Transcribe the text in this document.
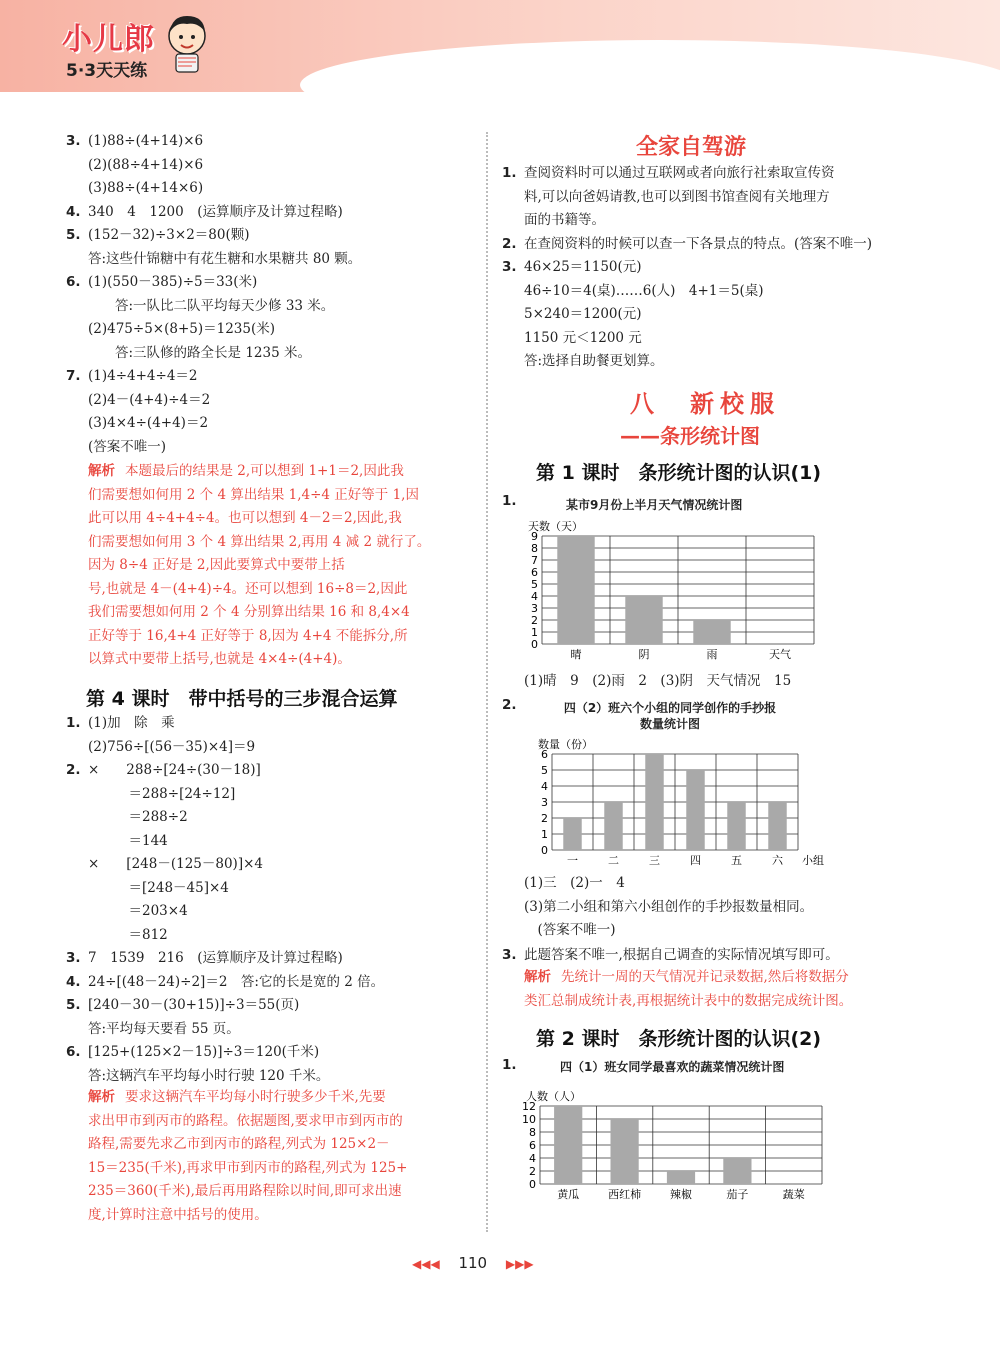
小儿郎
5·3天天练
3. (1)88÷(4+14)×6
(2)(88÷4+14)×6
(3)88÷(4+14×6)
4. 340　4　1200　(运算顺序及计算过程略)
5. (152－32)÷3×2＝80(颗)
答:这些什锦糖中有花生糖和水果糖共 80 颗。
6. (1)(550－385)÷5＝33(米)
　　答:一队比二队平均每天少修 33 米。
(2)475÷5×(8+5)＝1235(米)
　　答:三队修的路全长是 1235 米。
7. (1)4÷4+4÷4＝2
(2)4－(4+4)÷4＝2
(3)4×4÷(4+4)＝2
(答案不唯一)
解析 本题最后的结果是 2,可以想到 1+1＝2,因此我
们需要想如何用 2 个 4 算出结果 1,4÷4 正好等于 1,因
此可以用 4÷4+4÷4。也可以想到 4－2＝2,因此,我
们需要想如何用 3 个 4 算出结果 2,再用 4 减 2 就行了。
因为 8÷4 正好是 2,因此要算式中要带上括
号,也就是 4－(4+4)÷4。还可以想到 16÷8＝2,因此
我们需要想如何用 2 个 4 分别算出结果 16 和 8,4×4
正好等于 16,4+4 正好等于 8,因为 4+4 不能拆分,所
以算式中要带上括号,也就是 4×4÷(4+4)。
第 4 课时　带中括号的三步混合运算
1. (1)加　除　乘
(2)756÷[(56－35)×4]＝9
2. ×　　288÷[24÷(30－18)]
　　　＝288÷[24÷12]
　　　＝288÷2
　　　＝144
×　　[248－(125－80)]×4
　　　＝[248－45]×4
　　　＝203×4
　　　＝812
3. 7　1539　216　(运算顺序及计算过程略)
4. 24÷[(48－24)÷2]＝2　答:它的长是宽的 2 倍。
5. [240－30－(30+15)]÷3＝55(页)
答:平均每天要看 55 页。
6. [125+(125×2－15)]÷3＝120(千米)
答:这辆汽车平均每小时行驶 120 千米。
解析 要求这辆汽车平均每小时行驶多少千米,先要
求出甲市到丙市的路程。依据题图,要求甲市到丙市的
路程,需要先求乙市到丙市的路程,列式为 125×2－
15＝235(千米),再求甲市到丙市的路程,列式为 125+
235＝360(千米),最后再用路程除以时间,即可求出速
度,计算时注意中括号的使用。
全家自驾游
1. 查阅资料时可以通过互联网或者向旅行社索取宣传资
料,可以向爸妈请教,也可以到图书馆查阅有关地理方
面的书籍等。
2. 在查阅资料的时候可以查一下各景点的特点。(答案不唯一)
3. 46×25＝1150(元)
46÷10＝4(桌)……6(人)　4+1＝5(桌)
5×240＝1200(元)
1150 元＜1200 元
答:选择自助餐更划算。
八　新校服
——条形统计图
第 1 课时　条形统计图的认识(1)
1.	某市9月份上半月天气情况统计图
天数（天）
0
1
2
3
4
5
6
7
8
9
晴	阴	雨	天气
(1)晴　9　(2)雨　2　(3)阴　天气情况　15
2.	四（2）班六个小组的同学创作的手抄报数量统计图
数量（份）
0
1
2
3
4
5
6
一	二	三	四	五	六 小组
(1)三　(2)一　4
(3)第二小组和第六小组创作的手抄报数量相同。
　(答案不唯一)
3. 此题答案不唯一,根据自己调查的实际情况填写即可。
解析 先统计一周的天气情况并记录数据,然后将数据分
类汇总制成统计表,再根据统计表中的数据完成统计图。
第 2 课时　条形统计图的认识(2)
1.	四（1）班女同学最喜欢的蔬菜情况统计图
人数（人）
0
2
4
6
8
10
12
黄瓜	西红柿	辣椒	茄子	蔬菜
◀◀◀ 110 ▶▶▶
